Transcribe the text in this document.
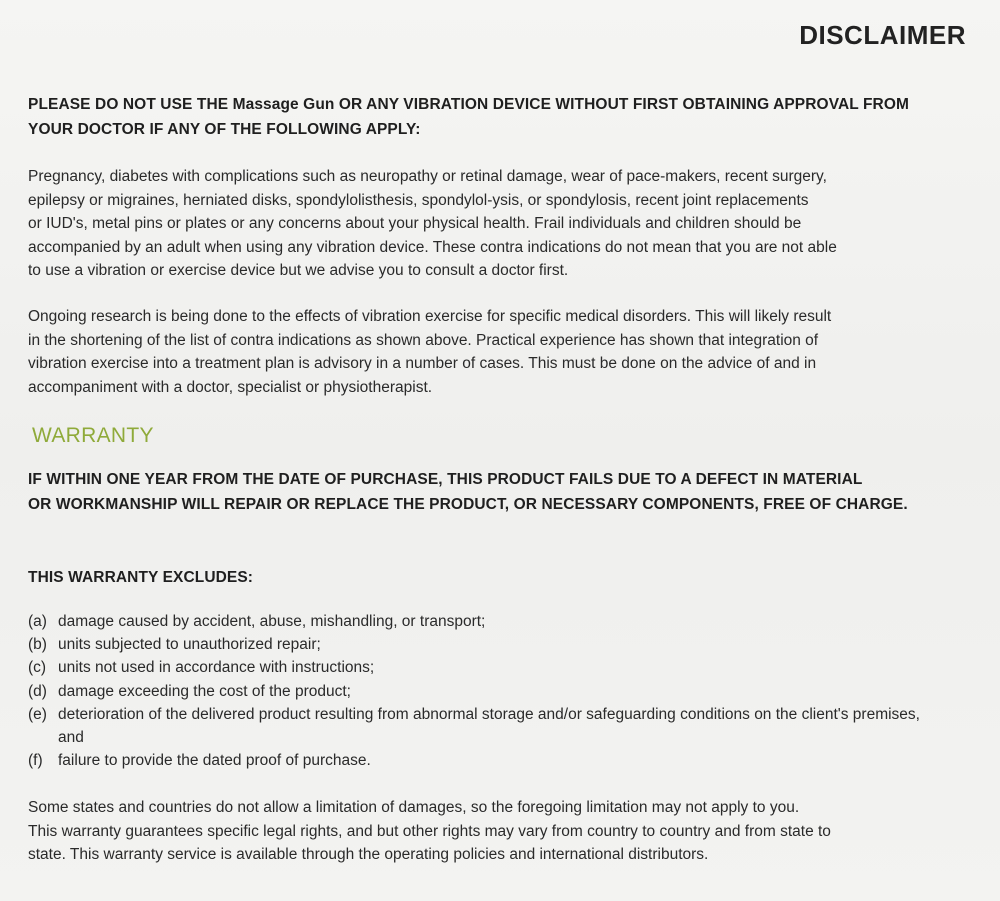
DISCLAIMER

PLEASE DO NOT USE THE Massage Gun OR ANY VIBRATION DEVICE WITHOUT FIRST OBTAINING APPROVAL FROM

YOUR DOCTOR IF ANY OF THE FOLLOWING APPLY:

Pregnancy, diabetes with complications such as neuropathy or retinal damage, wear of pace-makers, recent surgery,

epilepsy or migraines, herniated disks, spondylolisthesis, spondylol-ysis, or spondylosis, recent joint replacements

or IUD's, metal pins or plates or any concerns about your physical health. Frail individuals and children should be

accompanied by an adult when using any vibration device. These contra indications do not mean that you are not able

to use a vibration or exercise device but we advise you to consult a doctor first.

Ongoing research is being done to the effects of vibration exercise for specific medical disorders. This will likely result

in the shortening of the list of contra indications as shown above. Practical experience has shown that integration of

vibration exercise into a treatment plan is advisory in a number of cases. This must be done on the advice of and in

accompaniment with a doctor, specialist or physiotherapist.

WARRANTY

IF WITHIN ONE YEAR FROM THE DATE OF PURCHASE, THIS PRODUCT FAILS DUE TO A DEFECT IN MATERIAL

OR WORKMANSHIP WILL REPAIR OR REPLACE THE PRODUCT, OR NECESSARY COMPONENTS, FREE OF CHARGE.

THIS WARRANTY EXCLUDES:

(a) damage caused by accident, abuse, mishandling, or transport;
(b) units subjected to unauthorized repair;
(c) units not used in accordance with instructions;
(d) damage exceeding the cost of the product;
(e) deterioration of the delivered product resulting from abnormal storage and/or safeguarding conditions on the client's premises, and
(f) failure to provide the dated proof of purchase.

Some states and countries do not allow a limitation of damages, so the foregoing limitation may not apply to you.

This warranty guarantees specific legal rights, and but other rights may vary from country to country and from state to

state. This warranty service is available through the operating policies and international distributors.
